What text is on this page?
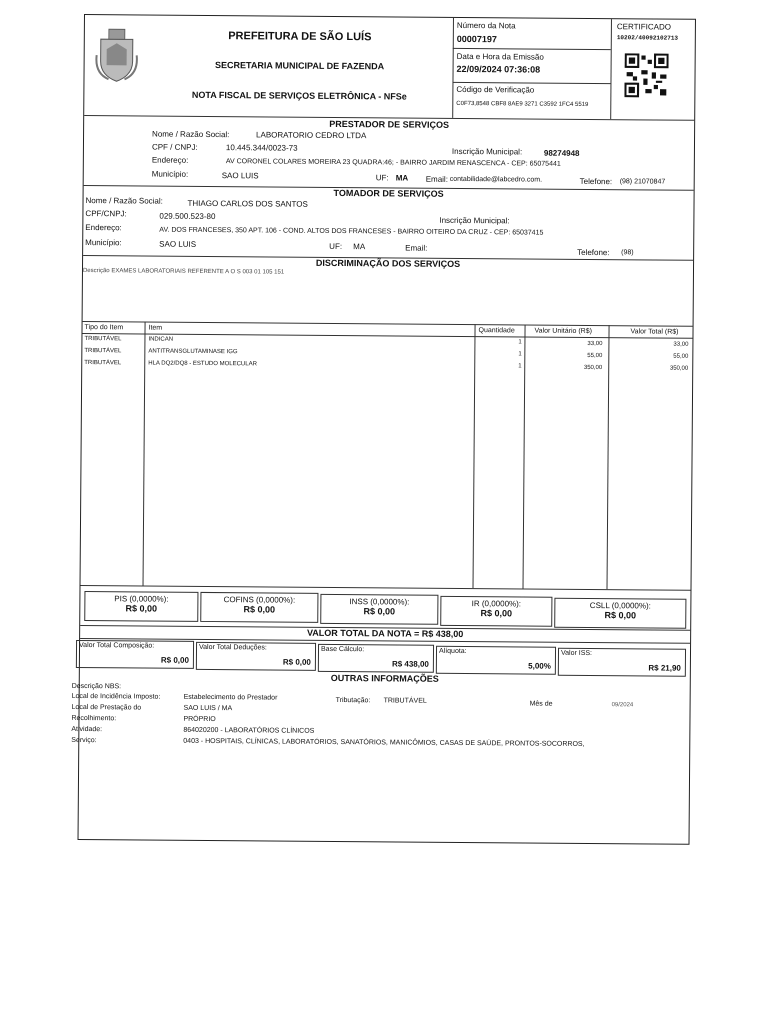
PREFEITURA DE SÃO LUÍS
SECRETARIA MUNICIPAL DE FAZENDA
NOTA FISCAL DE SERVIÇOS ELETRÔNICA - NFSe
Número da Nota
00007197
Data e Hora da Emissão
22/09/2024 07:36:08
Código de Verificação
C0F73,8548 CBF8 8AE9 3271 C3592 1FC4 5519
CERTIFICADO
10202/40092102713
PRESTADOR DE SERVIÇOS
Nome / Razão Social:	LABORATORIO CEDRO LTDA
CPF / CNPJ:	10.445.344/0023-73	Inscrição Municipal:	98274948
Endereço:	AV CORONEL COLARES MOREIRA 23 QUADRA:46; - BAIRRO JARDIM RENASCENCA - CEP: 65075441
Município:	SAO LUIS	UF: MA Email: contabilidade@labcedro.com.	Telefone: (98) 21070847
TOMADOR DE SERVIÇOS
Nome / Razão Social:	THIAGO CARLOS DOS SANTOS
CPF/CNPJ:	029.500.523-80	Inscrição Municipal:
Endereço:	AV. DOS FRANCESES, 350 APT. 106 - COND. ALTOS DOS FRANCESES - BAIRRO OITEIRO DA CRUZ - CEP: 65037415
Município:	SAO LUIS	UF: MA	Email:	Telefone: (98)
DISCRIMINAÇÃO DOS SERVIÇOS
Descrição EXAMES LABORATORIAIS REFERENTE A O S 003 01 105 151
Tipo do Item	Item	Quantidade	Valor Unitário (R$)	Valor Total (R$)
TRIBUTÁVEL	INDICAN	1	33,00	33,00
TRIBUTÁVEL	ANTITRANSGLUTAMINASE IGG	1	55,00	55,00
TRIBUTÁVEL	HLA DQ2/DQ8 - ESTUDO MOLECULAR	1	350,00	350,00
PIS (0,0000%):
R$ 0,00
COFINS (0,0000%):
R$ 0,00
INSS (0,0000%):
R$ 0,00
IR (0,0000%):
R$ 0,00
CSLL (0,0000%):
R$ 0,00
VALOR TOTAL DA NOTA = R$ 438,00
Valor Total Composição:
R$ 0,00
Valor Total Deduções:
R$ 0,00
Base Cálculo:
R$ 438,00
Alíquota:
5,00%
Valor ISS:
R$ 21,90
OUTRAS INFORMAÇÕES
Descrição NBS:
Local de Incidência Imposto:	Estabelecimento do Prestador	Tributação: TRIBUTÁVEL	Mês de	09/2024
Local de Prestação do	SAO LUIS / MA
Recolhimento:	PRÓPRIO
Atividade:	864020200 - LABORATÓRIOS CLÍNICOS
Serviço:	0403 - HOSPITAIS, CLÍNICAS, LABORATÓRIOS, SANATÓRIOS, MANICÔMIOS, CASAS DE SAÚDE, PRONTOS-SOCORROS,
